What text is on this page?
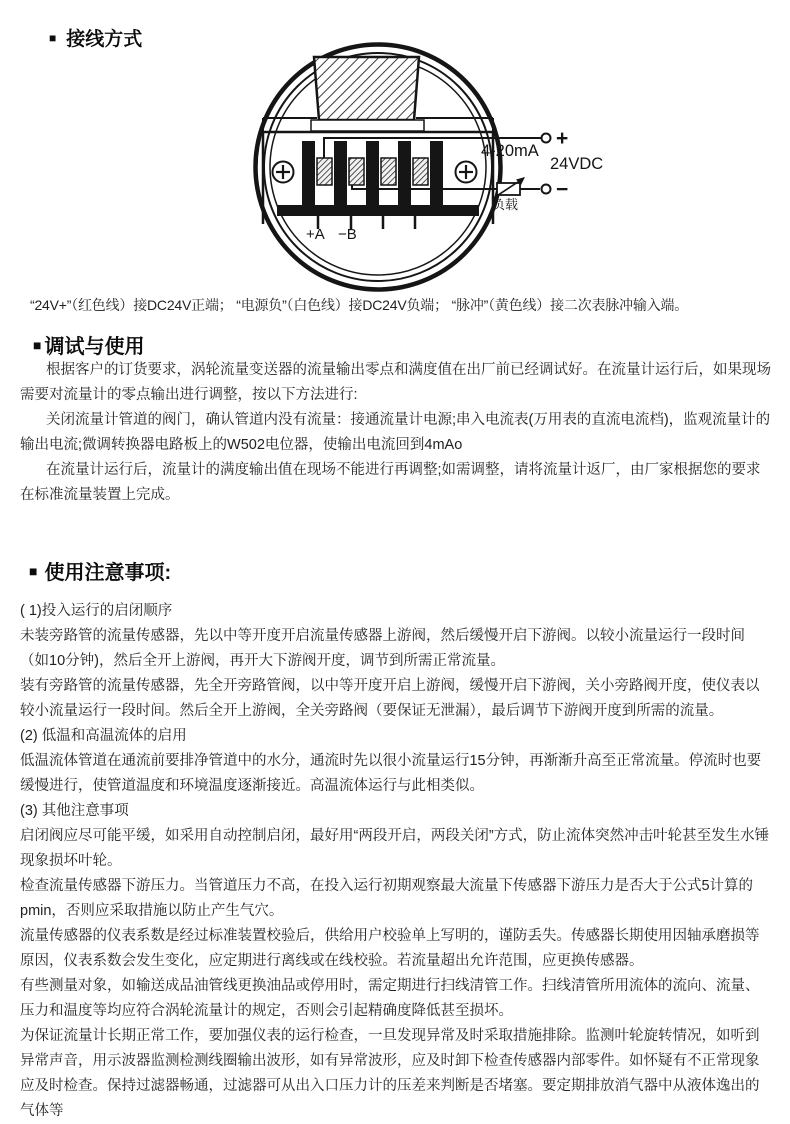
■ 接线方式
+A −B
4-20mA
24VDC
+
−
负载
“24V+”（红色线）接DC24V正端； “电源负”（白色线）接DC24V负端； “脉冲”（黄色线）接二次表脉冲输入端。
■ 调试与使用

根据客户的订货要求，涡轮流量变送器的流量输出零点和满度值在出厂前已经调试好。在流量计运行后，如果现场需要对流量计的零点输出进行调整，按以下方法进行:

关闭流量计管道的阀门，确认管道内没有流量：接通流量计电源;串入电流表(万用表的直流电流档)，监观流量计的输出电流;微调转换器电路板上的W502电位器，使输出电流回到4mAo

在流量计运行后，流量计的满度输出值在现场不能进行再调整;如需调整，请将流量计返厂，由厂家根据您的要求在标准流量装置上完成。

■ 使用注意事项:

( 1)投入运行的启闭顺序

未装旁路管的流量传感器，先以中等开度开启流量传感器上游阀，然后缓慢开启下游阀。以较小流量运行一段时间（如10分钟)，然后全开上游阀，再开大下游阀开度，调节到所需正常流量。

装有旁路管的流量传感器，先全开旁路管阀，以中等开度开启上游阀，缓慢开启下游阀，关小旁路阀开度，使仪表以较小流量运行一段时间。然后全开上游阀，全关旁路阀（要保证无泄漏），最后调节下游阀开度到所需的流量。

(2) 低温和高温流体的启用

低温流体管道在通流前要排净管道中的水分，通流时先以很小流量运行15分钟，再渐渐升高至正常流量。停流时也要缓慢进行，使管道温度和环境温度逐渐接近。高温流体运行与此相类似。

(3) 其他注意事项

启闭阀应尽可能平缓，如采用自动控制启闭，最好用“两段开启，两段关闭”方式，防止流体突然冲击叶轮甚至发生水锤现象损坏叶轮。

检查流量传感器下游压力。当管道压力不高，在投入运行初期观察最大流量下传感器下游压力是否大于公式5计算的pmin，否则应采取措施以防止产生气穴。

流量传感器的仪表系数是经过标准装置校验后，供给用户校验单上写明的，谨防丢失。传感器长期使用因轴承磨损等原因，仪表系数会发生变化，应定期进行离线或在线校验。若流量超出允许范围，应更换传感器。

有些测量对象，如输送成品油管线更换油品或停用时，需定期进行扫线清管工作。扫线清管所用流体的流向、流量、压力和温度等均应符合涡轮流量计的规定，否则会引起精确度降低甚至损坏。

为保证流量计长期正常工作，要加强仪表的运行检查，一旦发现异常及时采取措施排除。监测叶轮旋转情况，如听到异常声音，用示波器监测检测线圈输出波形，如有异常波形，应及时卸下检查传感器内部零件。如怀疑有不正常现象应及时检查。保持过滤器畅通，过滤器可从出入口压力计的压差来判断是否堵塞。要定期排放消气器中从液体逸出的气体等
